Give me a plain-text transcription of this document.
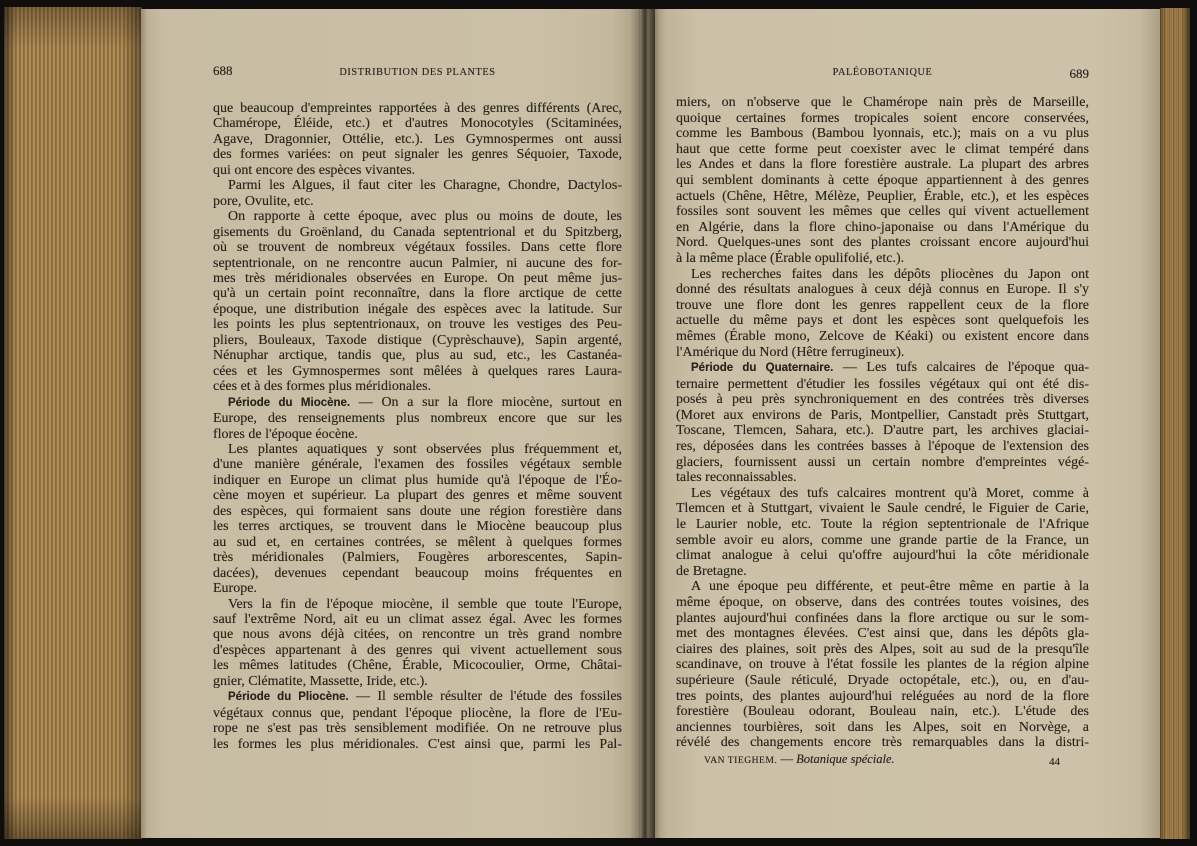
688	DISTRIBUTION DES PLANTES	PALÉOBOTANIQUE	689
que beaucoup d'empreintes rapportées à des genres différents (Arec,
Chamérope, Éléide, etc.) et d'autres Monocotyles (Scitaminées,
Agave, Dragonnier, Ottélie, etc.). Les Gymnospermes ont aussi
des formes variées: on peut signaler les genres Séquoier, Taxode,
qui ont encore des espèces vivantes.
Parmi les Algues, il faut citer les Charagne, Chondre, Dactylos-
pore, Ovulite, etc.
On rapporte à cette époque, avec plus ou moins de doute, les
gisements du Groënland, du Canada septentrional et du Spitzberg,
où se trouvent de nombreux végétaux fossiles. Dans cette flore
septentrionale, on ne rencontre aucun Palmier, ni aucune des for-
mes très méridionales observées en Europe. On peut même jus-
qu'à un certain point reconnaître, dans la flore arctique de cette
époque, une distribution inégale des espèces avec la latitude. Sur
les points les plus septentrionaux, on trouve les vestiges des Peu-
pliers, Bouleaux, Taxode distique (Cyprèschauve), Sapin argenté,
Nénuphar arctique, tandis que, plus au sud, etc., les Castanéa-
cées et les Gymnospermes sont mêlées à quelques rares Laura-
cées et à des formes plus méridionales.
Période du Miocène. — On a sur la flore miocène, surtout en
Europe, des renseignements plus nombreux encore que sur les
flores de l'époque éocène.
Les plantes aquatiques y sont observées plus fréquemment et,
d'une manière générale, l'examen des fossiles végétaux semble
indiquer en Europe un climat plus humide qu'à l'époque de l'Éo-
cène moyen et supérieur. La plupart des genres et même souvent
des espèces, qui formaient sans doute une région forestière dans
les terres arctiques, se trouvent dans le Miocène beaucoup plus
au sud et, en certaines contrées, se mêlent à quelques formes
très méridionales (Palmiers, Fougères arborescentes, Sapin-
dacées), devenues cependant beaucoup moins fréquentes en
Europe.
Vers la fin de l'époque miocène, il semble que toute l'Europe,
sauf l'extrême Nord, ait eu un climat assez égal. Avec les formes
que nous avons déjà citées, on rencontre un très grand nombre
d'espèces appartenant à des genres qui vivent actuellement sous
les mêmes latitudes (Chêne, Érable, Micocoulier, Orme, Châtai-
gnier, Clématite, Massette, Iride, etc.).
Période du Pliocène. — Il semble résulter de l'étude des fossiles
végétaux connus que, pendant l'époque pliocène, la flore de l'Eu-
rope ne s'est pas très sensiblement modifiée. On ne retrouve plus
les formes les plus méridionales. C'est ainsi que, parmi les Pal-
miers, on n'observe que le Chamérope nain près de Marseille,
quoique certaines formes tropicales soient encore conservées,
comme les Bambous (Bambou lyonnais, etc.); mais on a vu plus
haut que cette forme peut coexister avec le climat tempéré dans
les Andes et dans la flore forestière australe. La plupart des arbres
qui semblent dominants à cette époque appartiennent à des genres
actuels (Chêne, Hêtre, Mélèze, Peuplier, Érable, etc.), et les espèces
fossiles sont souvent les mêmes que celles qui vivent actuellement
en Algérie, dans la flore chino-japonaise ou dans l'Amérique du
Nord. Quelques-unes sont des plantes croissant encore aujourd'hui
à la même place (Érable opulifolié, etc.).
Les recherches faites dans les dépôts pliocènes du Japon ont
donné des résultats analogues à ceux déjà connus en Europe. Il s'y
trouve une flore dont les genres rappellent ceux de la flore
actuelle du même pays et dont les espèces sont quelquefois les
mêmes (Érable mono, Zelcove de Kéaki) ou existent encore dans
l'Amérique du Nord (Hêtre ferrugineux).
Période du Quaternaire. — Les tufs calcaires de l'époque qua-
ternaire permettent d'étudier les fossiles végétaux qui ont été dis-
posés à peu près synchroniquement en des contrées très diverses
(Moret aux environs de Paris, Montpellier, Canstadt près Stuttgart,
Toscane, Tlemcen, Sahara, etc.). D'autre part, les archives glaciai-
res, déposées dans les contrées basses à l'époque de l'extension des
glaciers, fournissent aussi un certain nombre d'empreintes végé-
tales reconnaissables.
Les végétaux des tufs calcaires montrent qu'à Moret, comme à
Tlemcen et à Stuttgart, vivaient le Saule cendré, le Figuier de Carie,
le Laurier noble, etc. Toute la région septentrionale de l'Afrique
semble avoir eu alors, comme une grande partie de la France, un
climat analogue à celui qu'offre aujourd'hui la côte méridionale
de Bretagne.
A une époque peu différente, et peut-être même en partie à la
même époque, on observe, dans des contrées toutes voisines, des
plantes aujourd'hui confinées dans la flore arctique ou sur le som-
met des montagnes élevées. C'est ainsi que, dans les dépôts gla-
ciaires des plaines, soit près des Alpes, soit au sud de la presqu'île
scandinave, on trouve à l'état fossile les plantes de la région alpine
supérieure (Saule réticulé, Dryade octopétale, etc.), ou, en d'au-
tres points, des plantes aujourd'hui reléguées au nord de la flore
forestière (Bouleau odorant, Bouleau nain, etc.). L'étude des
anciennes tourbières, soit dans les Alpes, soit en Norvège, a
révélé des changements encore très remarquables dans la distri-
VAN TIEGHEM. — Botanique spéciale.	44
